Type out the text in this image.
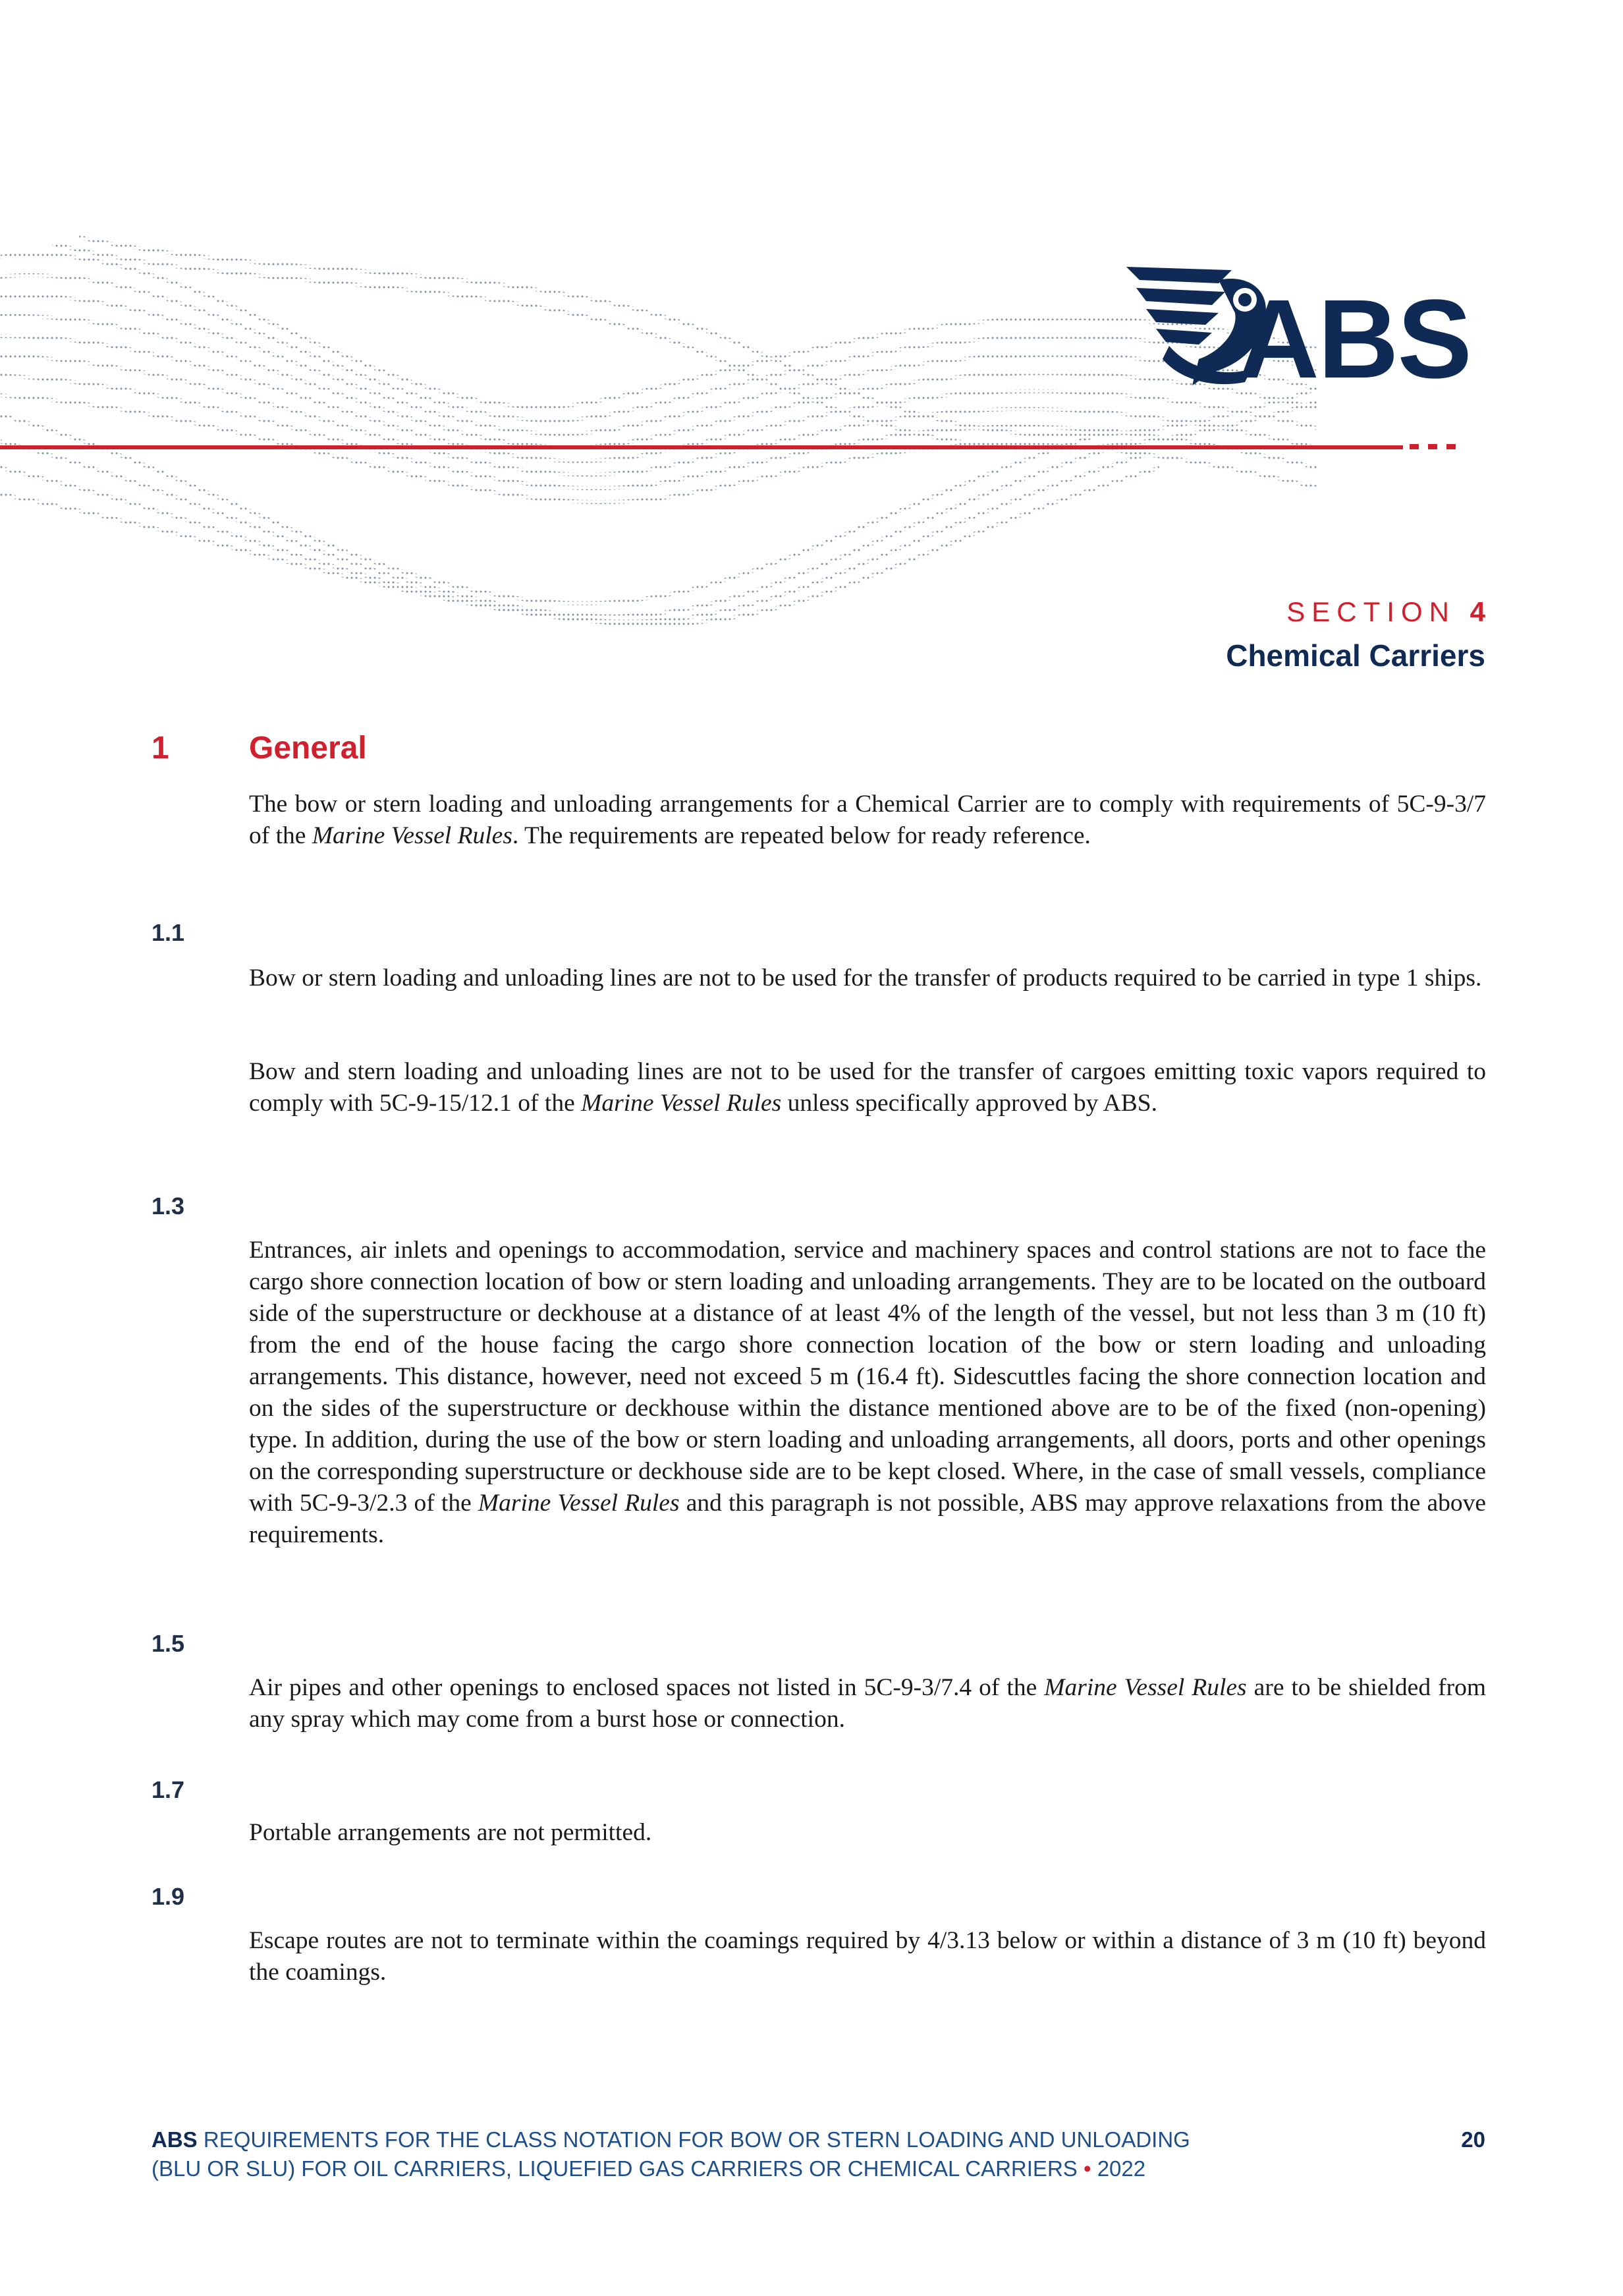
ABS
SECTION 4
Chemical Carriers
1	General

The bow or stern loading and unloading arrangements for a Chemical Carrier are to comply with requirements of 5C-9-3/7 of the Marine Vessel Rules. The requirements are repeated below for ready reference.

1.1

Bow or stern loading and unloading lines are not to be used for the transfer of products required to be carried in type 1 ships.

Bow and stern loading and unloading lines are not to be used for the transfer of cargoes emitting toxic vapors required to comply with 5C-9-15/12.1 of the Marine Vessel Rules unless specifically approved by ABS.

1.3

Entrances, air inlets and openings to accommodation, service and machinery spaces and control stations are not to face the cargo shore connection location of bow or stern loading and unloading arrangements. They are to be located on the outboard side of the superstructure or deckhouse at a distance of at least 4% of the length of the vessel, but not less than 3 m (10 ft) from the end of the house facing the cargo shore connection location of the bow or stern loading and unloading arrangements. This distance, however, need not exceed 5 m (16.4 ft). Sidescuttles facing the shore connection location and on the sides of the superstructure or deckhouse within the distance mentioned above are to be of the fixed (non-opening) type. In addition, during the use of the bow or stern loading and unloading arrangements, all doors, ports and other openings on the corresponding superstructure or deckhouse side are to be kept closed. Where, in the case of small vessels, compliance with 5C-9-3/2.3 of the Marine Vessel Rules and this paragraph is not possible, ABS may approve relaxations from the above requirements.

1.5

Air pipes and other openings to enclosed spaces not listed in 5C-9-3/7.4 of the Marine Vessel Rules are to be shielded from any spray which may come from a burst hose or connection.

1.7

Portable arrangements are not permitted.

1.9

Escape routes are not to terminate within the coamings required by 4/3.13 below or within a distance of 3 m (10 ft) beyond the coamings.

ABS REQUIREMENTS FOR THE CLASS NOTATION FOR BOW OR STERN LOADING AND UNLOADING
(BLU OR SLU) FOR OIL CARRIERS, LIQUEFIED GAS CARRIERS OR CHEMICAL CARRIERS • 2022
20
